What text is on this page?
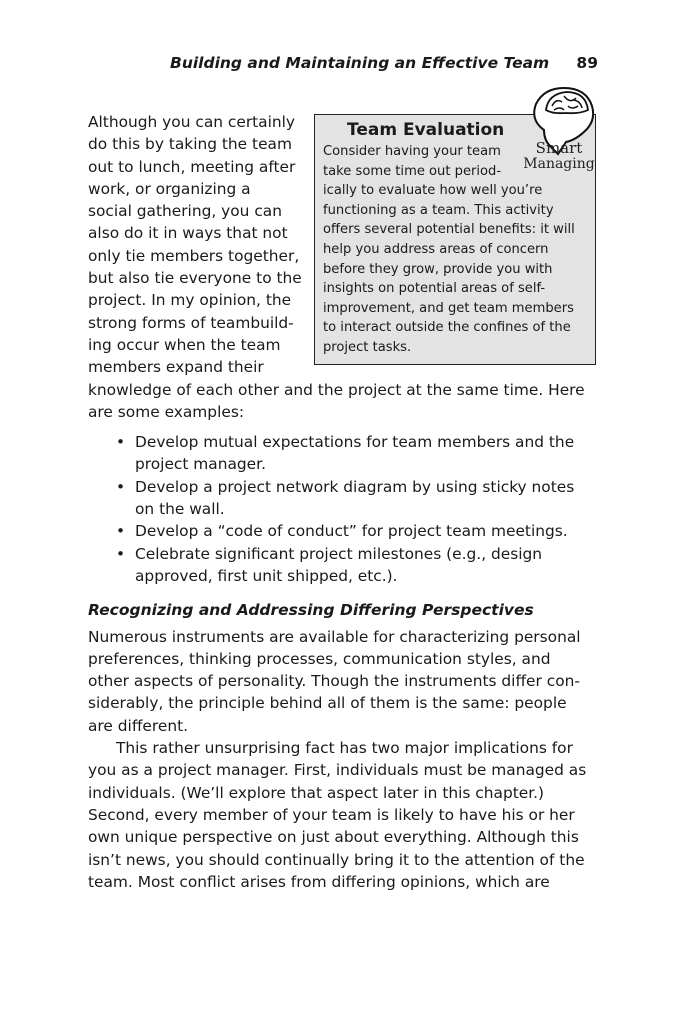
Building and Maintaining an Effective Team 89
Team Evaluation
Consider having your team
take some time out period-
ically to evaluate how well you’re
functioning as a team. This activity
offers several potential benefits: it will
help you address areas of concern
before they grow, provide you with
insights on potential areas of self-
improvement, and get team members
to interact outside the confines of the
project tasks.
Smart
Managing
Although you can certainly
do this by taking the team
out to lunch, meeting after
work, or organizing a
social gathering, you can
also do it in ways that not
only tie members together,
but also tie everyone to the
project. In my opinion, the
strong forms of teambuild-
ing occur when the team
members expand their

knowledge of each other and the project at the same time. Here are some examples:

• Develop mutual expectations for team members and the project manager.
• Develop a project network diagram by using sticky notes on the wall.
• Develop a “code of conduct” for project team meetings.
• Celebrate significant project milestones (e.g., design approved, first unit shipped, etc.).
Recognizing and Addressing Differing Perspectives

Numerous instruments are available for characterizing personal preferences, thinking processes, communication styles, and other aspects of personality. Though the instruments differ con-siderably, the principle behind all of them is the same: people are different.

This rather unsurprising fact has two major implications for you as a project manager. First, individuals must be managed as individuals. (We’ll explore that aspect later in this chapter.) Second, every member of your team is likely to have his or her own unique perspective on just about everything. Although this isn’t news, you should continually bring it to the attention of the team. Most conflict arises from differing opinions, which are
